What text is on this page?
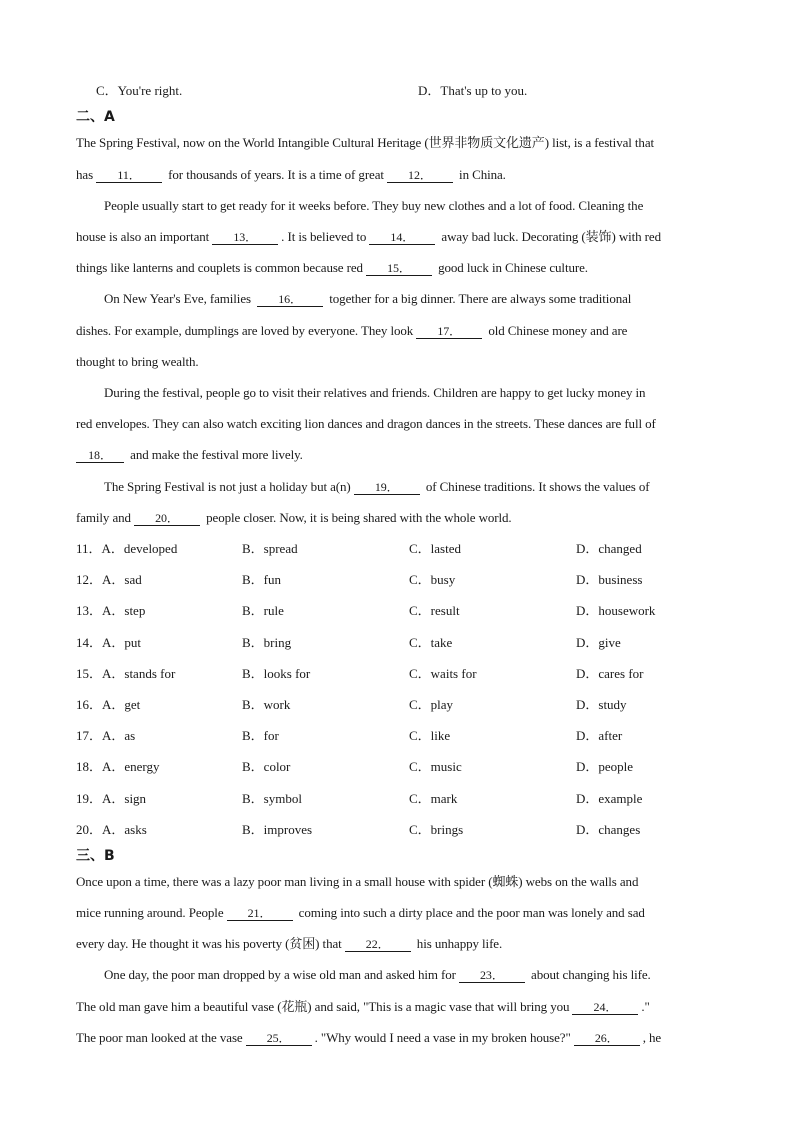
C．You're right.	D．That's up to you.
二、A
The Spring Festival, now on the World Intangible Cultural Heritage (世界非物质文化遗产) list, is a festival that
has 11． for thousands of years. It is a time of great 12． in China.
People usually start to get ready for it weeks before. They buy new clothes and a lot of food. Cleaning the
house is also an important 13． . It is believed to 14． away bad luck. Decorating (装饰) with red
things like lanterns and couplets is common because red 15． good luck in Chinese culture.
On New Year's Eve, families 16． together for a big dinner. There are always some traditional
dishes. For example, dumplings are loved by everyone. They look 17． old Chinese money and are
thought to bring wealth.
During the festival, people go to visit their relatives and friends. Children are happy to get lucky money in
red envelopes. They can also watch exciting lion dances and dragon dances in the streets. These dances are full of
18． and make the festival more lively.
The Spring Festival is not just a holiday but a(n) 19． of Chinese traditions. It shows the values of
family and 20． people closer. Now, it is being shared with the whole world.
11．A．developed	B．spread	C．lasted	D．changed
12．A．sad	B．fun	C．busy	D．business
13．A．step	B．rule	C．result	D．housework
14．A．put	B．bring	C．take	D．give
15．A．stands for	B．looks for	C．waits for	D．cares for
16．A．get	B．work	C．play	D．study
17．A．as	B．for	C．like	D．after
18．A．energy	B．color	C．music	D．people
19．A．sign	B．symbol	C．mark	D．example
20．A．asks	B．improves	C．brings	D．changes
三、B
Once upon a time, there was a lazy poor man living in a small house with spider (蜘蛛) webs on the walls and
mice running around. People 21． coming into such a dirty place and the poor man was lonely and sad
every day. He thought it was his poverty (贫困) that 22． his unhappy life.
One day, the poor man dropped by a wise old man and asked him for 23． about changing his life.
The old man gave him a beautiful vase (花瓶) and said, "This is a magic vase that will bring you 24． ."
The poor man looked at the vase 25． . "Why would I need a vase in my broken house?" 26． , he
